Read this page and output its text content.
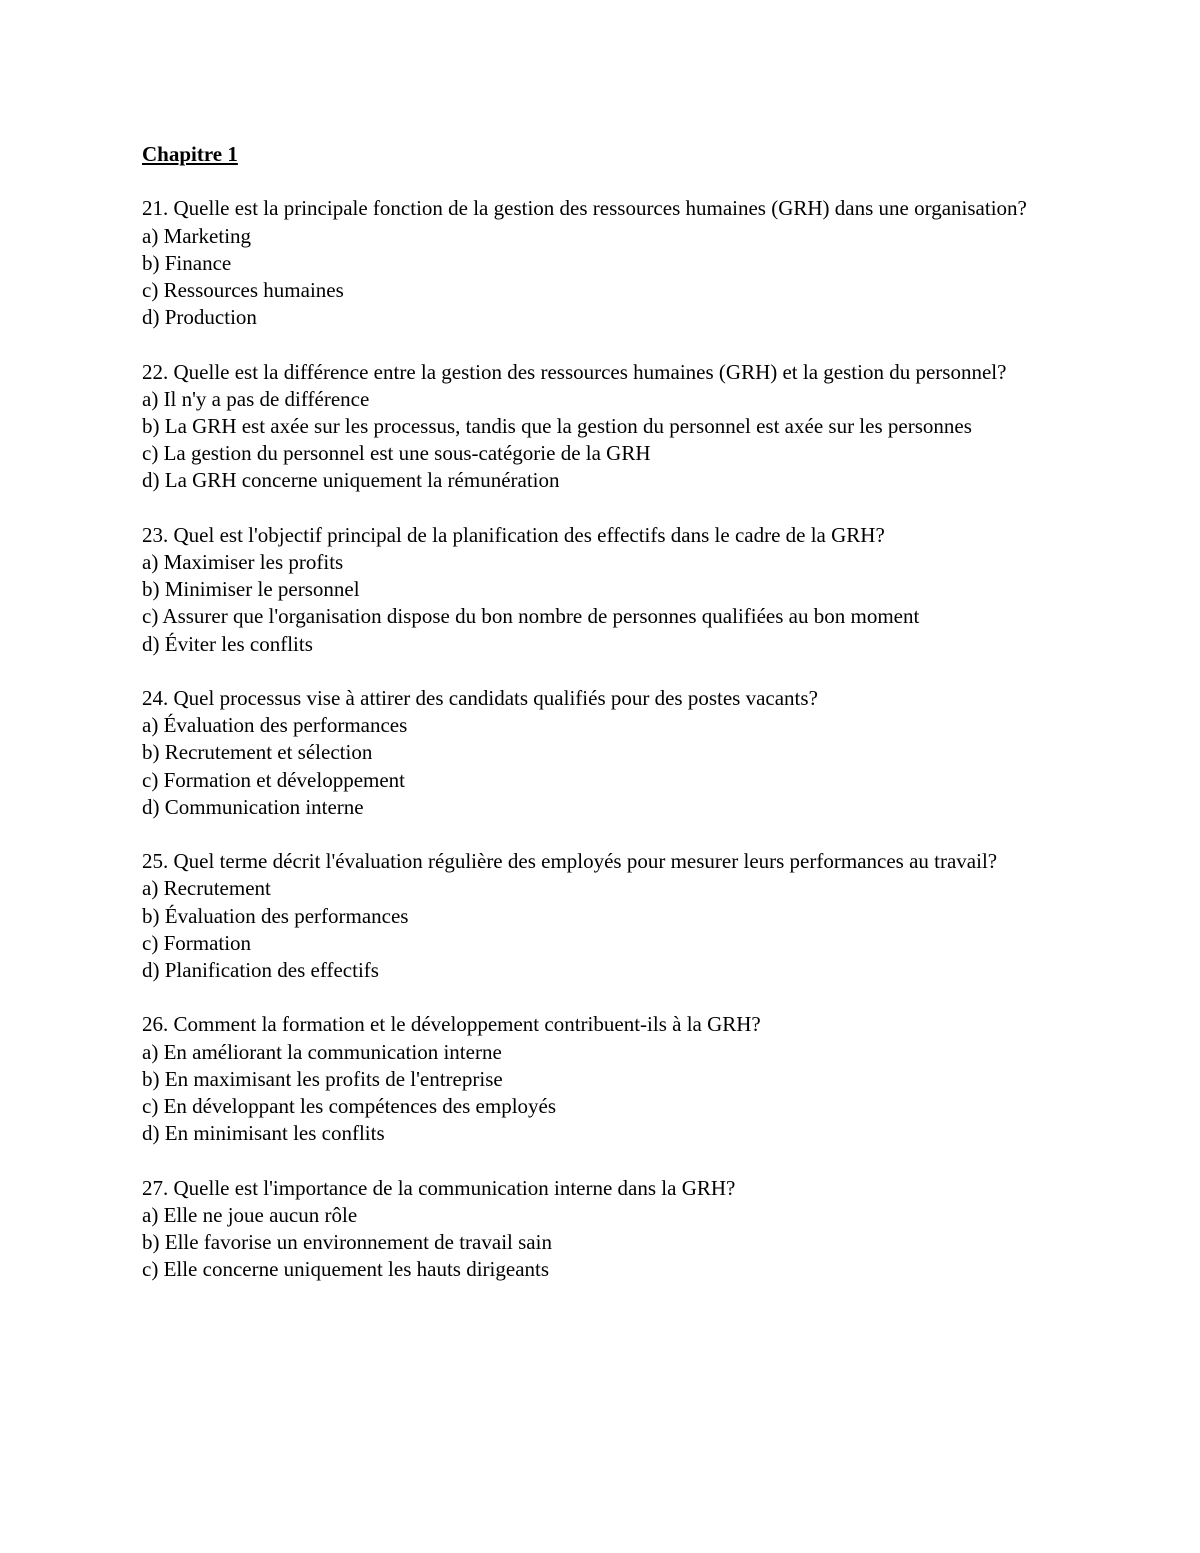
Chapitre 1

21. Quelle est la principale fonction de la gestion des ressources humaines (GRH) dans une organisation?

a) Marketing
b) Finance
c) Ressources humaines
d) Production

22. Quelle est la différence entre la gestion des ressources humaines (GRH) et la gestion du personnel?

a) Il n'y a pas de différence
b) La GRH est axée sur les processus, tandis que la gestion du personnel est axée sur les personnes
c) La gestion du personnel est une sous-catégorie de la GRH
d) La GRH concerne uniquement la rémunération

23. Quel est l'objectif principal de la planification des effectifs dans le cadre de la GRH?

a) Maximiser les profits
b) Minimiser le personnel
c) Assurer que l'organisation dispose du bon nombre de personnes qualifiées au bon moment
d) Éviter les conflits

24. Quel processus vise à attirer des candidats qualifiés pour des postes vacants?

a) Évaluation des performances
b) Recrutement et sélection
c) Formation et développement
d) Communication interne

25. Quel terme décrit l'évaluation régulière des employés pour mesurer leurs performances au travail?

a) Recrutement
b) Évaluation des performances
c) Formation
d) Planification des effectifs

26. Comment la formation et le développement contribuent-ils à la GRH?

a) En améliorant la communication interne
b) En maximisant les profits de l'entreprise
c) En développant les compétences des employés
d) En minimisant les conflits

27. Quelle est l'importance de la communication interne dans la GRH?

a) Elle ne joue aucun rôle
b) Elle favorise un environnement de travail sain
c) Elle concerne uniquement les hauts dirigeants
